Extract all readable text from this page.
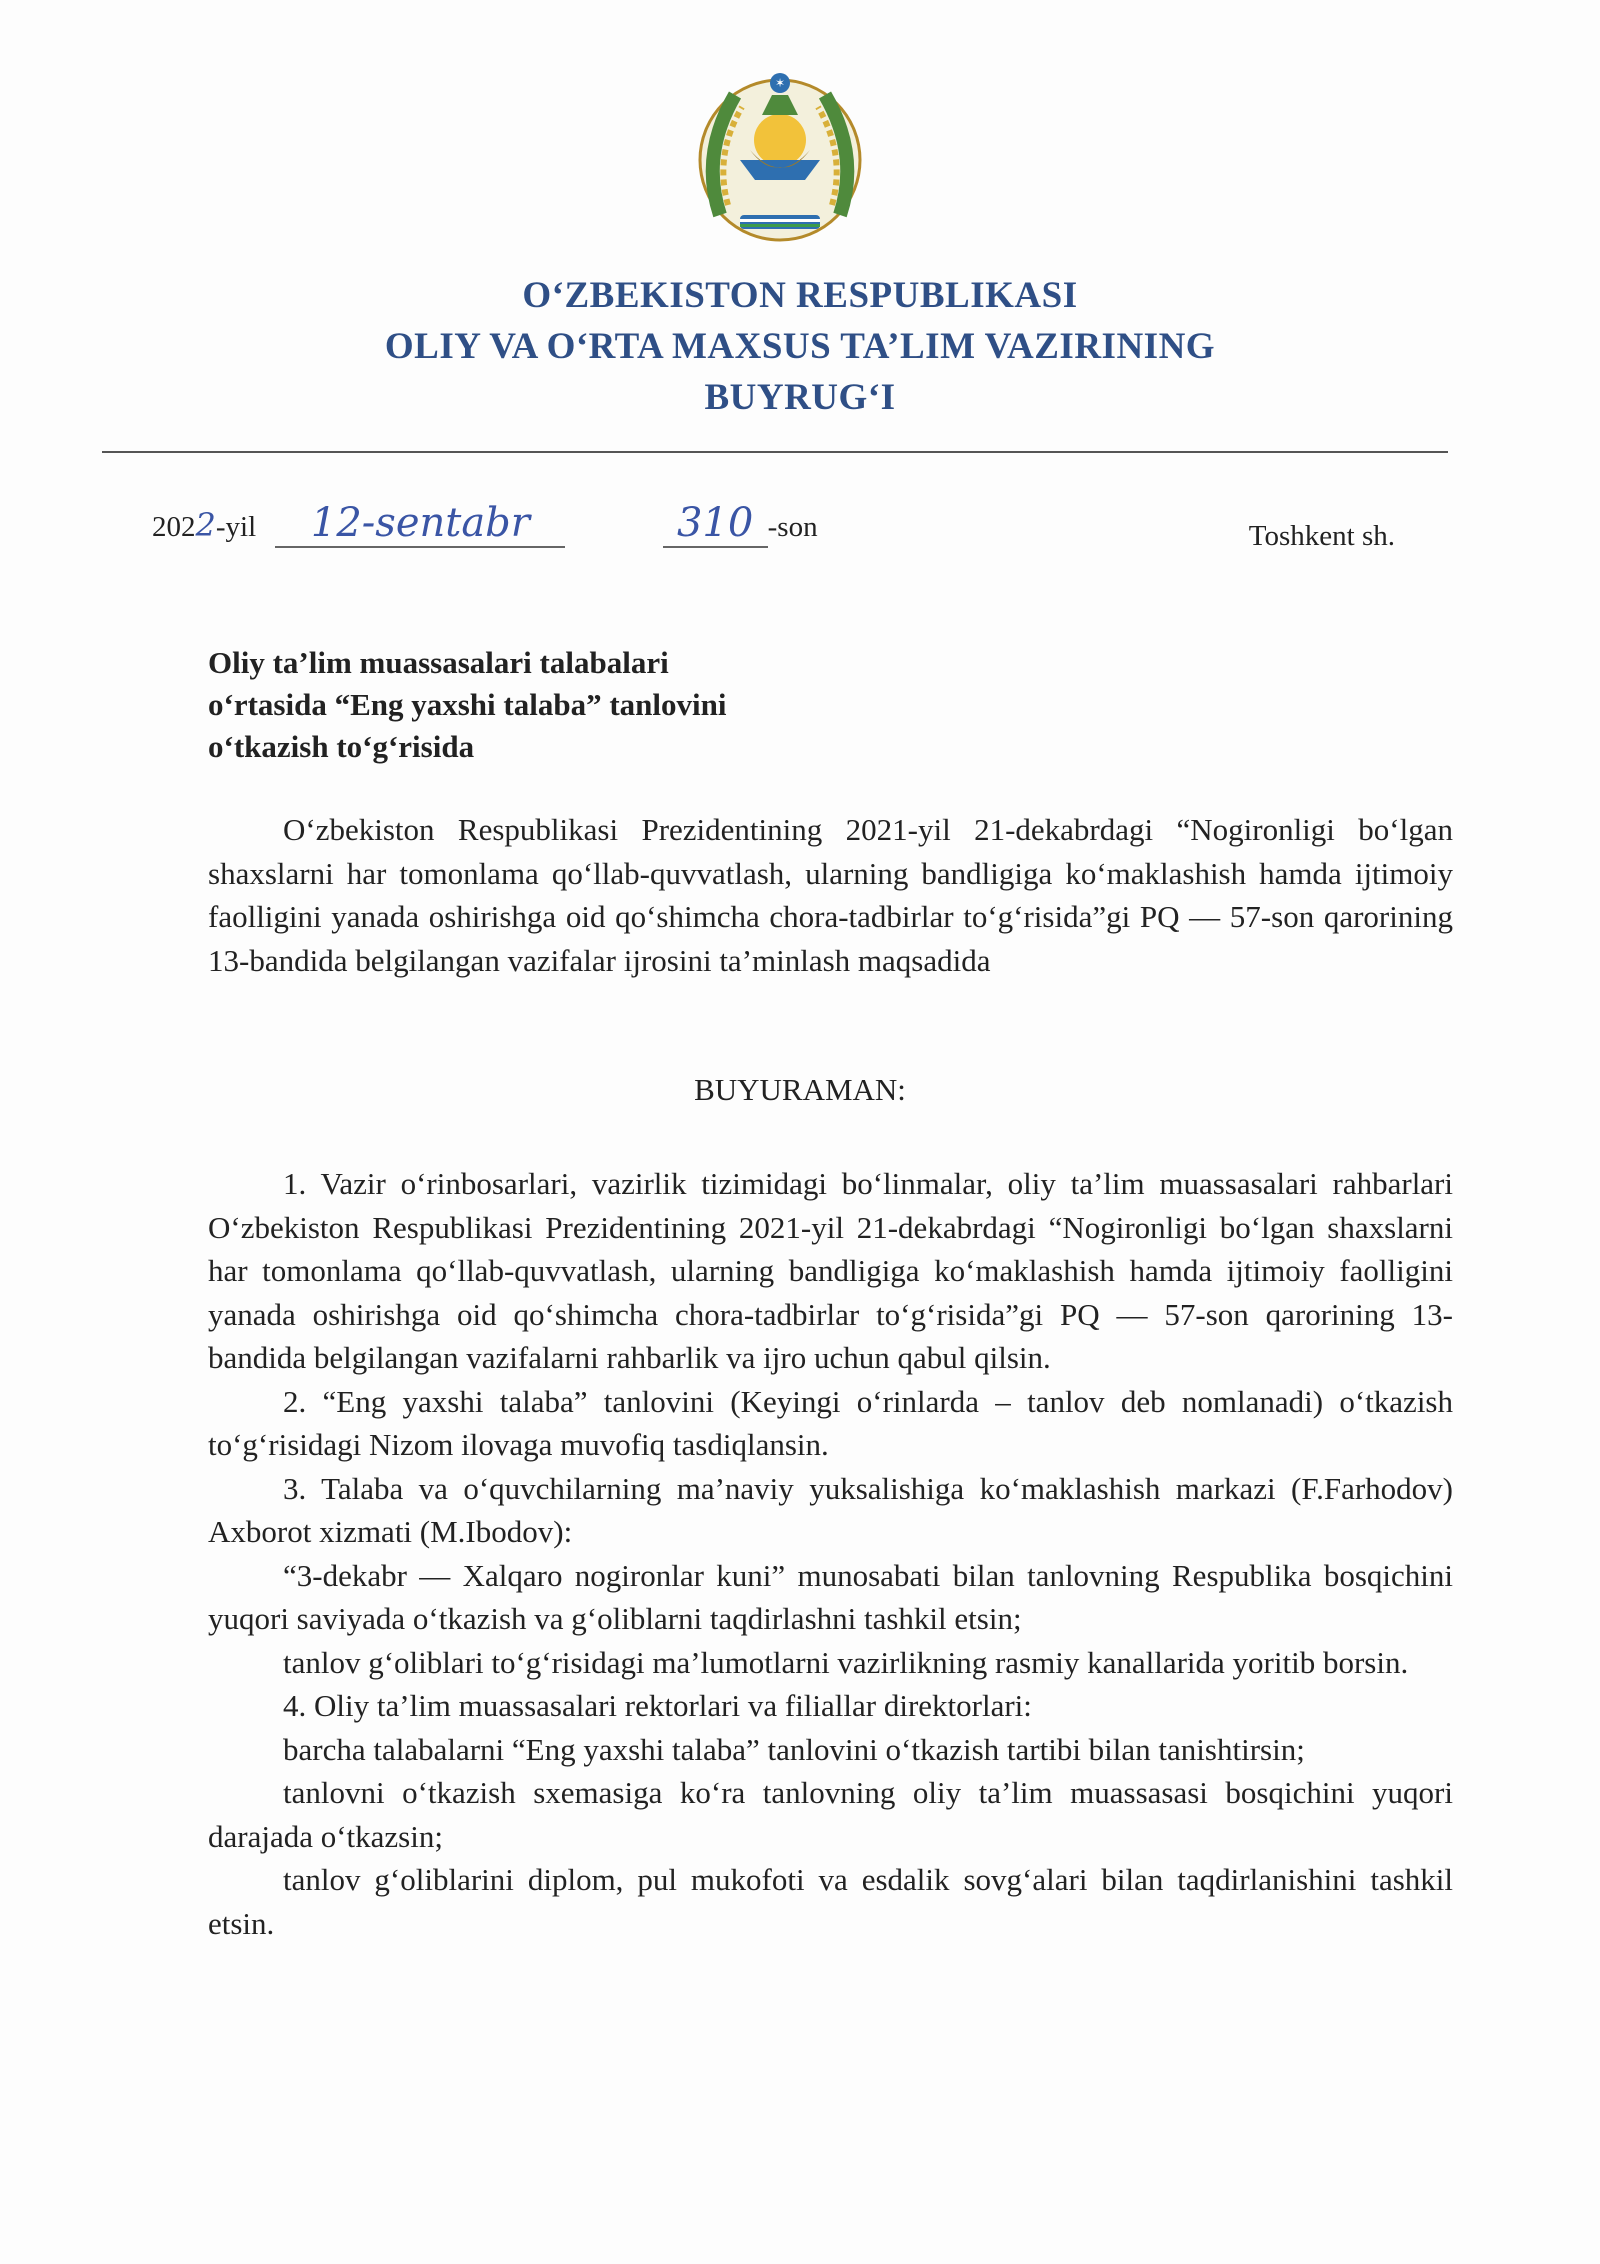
✶
O‘ZBEKISTON RESPUBLIKASI
OLIY VA O‘RTA MAXSUS TA’LIM VAZIRINING
BUYRUG‘I
2022-yil 12-sentabr	310 -son	Toshkent sh.
Oliy ta’lim muassasalari talabalari
o‘rtasida “Eng yaxshi talaba” tanlovini
o‘tkazish to‘g‘risida

O‘zbekiston Respublikasi Prezidentining 2021-yil 21-dekabrdagi “Nogironligi bo‘lgan shaxslarni har tomonlama qo‘llab-quvvatlash, ularning bandligiga ko‘maklashish hamda ijtimoiy faolligini yanada oshirishga oid qo‘shimcha chora-tadbirlar to‘g‘risida”gi PQ — 57-son qarorining 13-bandida belgilangan vazifalar ijrosini ta’minlash maqsadida

BUYURAMAN:

1. Vazir o‘rinbosarlari, vazirlik tizimidagi bo‘linmalar, oliy ta’lim muassasalari rahbarlari O‘zbekiston Respublikasi Prezidentining 2021-yil 21-dekabrdagi “Nogironligi bo‘lgan shaxslarni har tomonlama qo‘llab-quvvatlash, ularning bandligiga ko‘maklashish hamda ijtimoiy faolligini yanada oshirishga oid qo‘shimcha chora-tadbirlar to‘g‘risida”gi PQ — 57-son qarorining 13-bandida belgilangan vazifalarni rahbarlik va ijro uchun qabul qilsin.

2. “Eng yaxshi talaba” tanlovini (Keyingi o‘rinlarda – tanlov deb nomlanadi) o‘tkazish to‘g‘risidagi Nizom ilovaga muvofiq tasdiqlansin.

3. Talaba va o‘quvchilarning ma’naviy yuksalishiga ko‘maklashish markazi (F.Farhodov) Axborot xizmati (M.Ibodov):

“3-dekabr — Xalqaro nogironlar kuni” munosabati bilan tanlovning Respublika bosqichini yuqori saviyada o‘tkazish va g‘oliblarni taqdirlashni tashkil etsin;

tanlov g‘oliblari to‘g‘risidagi ma’lumotlarni vazirlikning rasmiy kanallarida yoritib borsin.

4. Oliy ta’lim muassasalari rektorlari va filiallar direktorlari:

barcha talabalarni “Eng yaxshi talaba” tanlovini o‘tkazish tartibi bilan tanishtirsin;

tanlovni o‘tkazish sxemasiga ko‘ra tanlovning oliy ta’lim muassasasi bosqichini yuqori darajada o‘tkazsin;

tanlov g‘oliblarini diplom, pul mukofoti va esdalik sovg‘alari bilan taqdirlanishini tashkil etsin.
